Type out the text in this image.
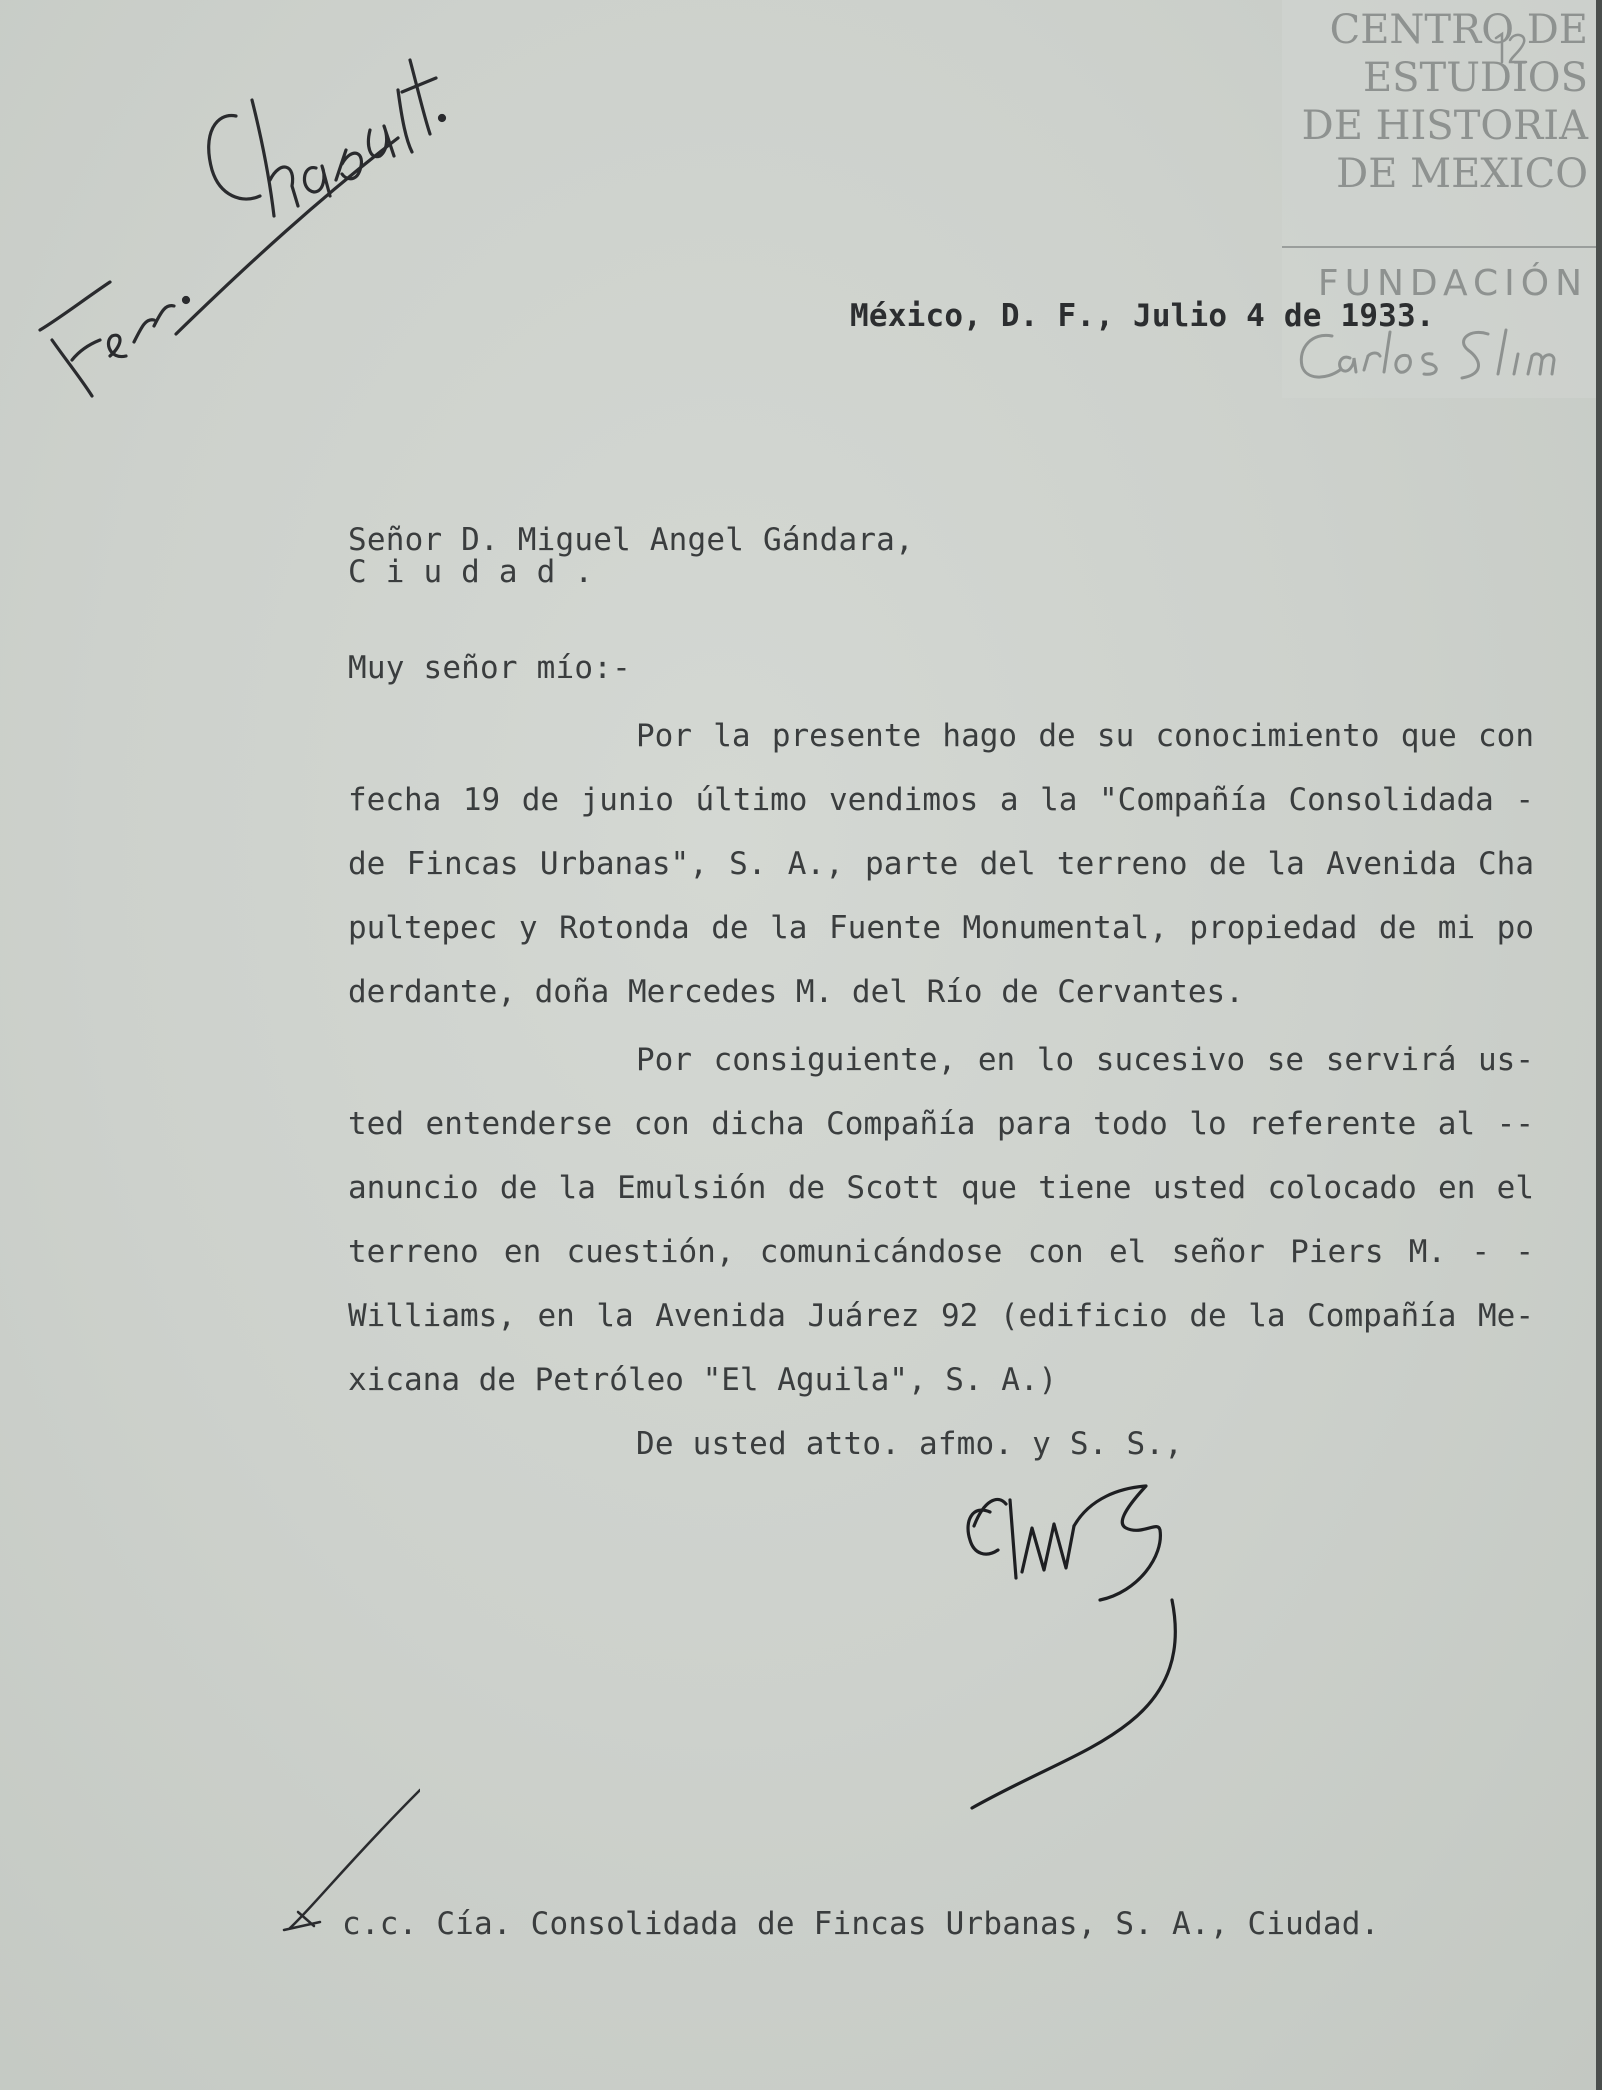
CENTRO DE
ESTUDIOS
DE HISTORIA
DE MEXICO
FUNDACIÓN
México, D. F., Julio 4 de 1933.
Señor D. Miguel Angel Gándara,
C i u d a d .
Muy señor mío:-
Por la presente hago de su conocimiento que con
fecha 19 de junio último vendimos a la "Compañía Consolidada -
de Fincas Urbanas", S. A., parte del terreno de la Avenida Cha
pultepec y Rotonda de la Fuente Monumental, propiedad de mi po
derdante, doña Mercedes M. del Río de Cervantes.
Por consiguiente, en lo sucesivo se servirá us-
ted entenderse con dicha Compañía para todo lo referente al --
anuncio de la Emulsión de Scott que tiene usted colocado en el
terreno en cuestión, comunicándose con el señor Piers M. - -
Williams, en la Avenida Juárez 92 (edificio de la Compañía Me-
xicana de Petróleo "El Aguila", S. A.)
De usted atto. afmo. y S. S.,
c.c. Cía. Consolidada de Fincas Urbanas, S. A., Ciudad.
